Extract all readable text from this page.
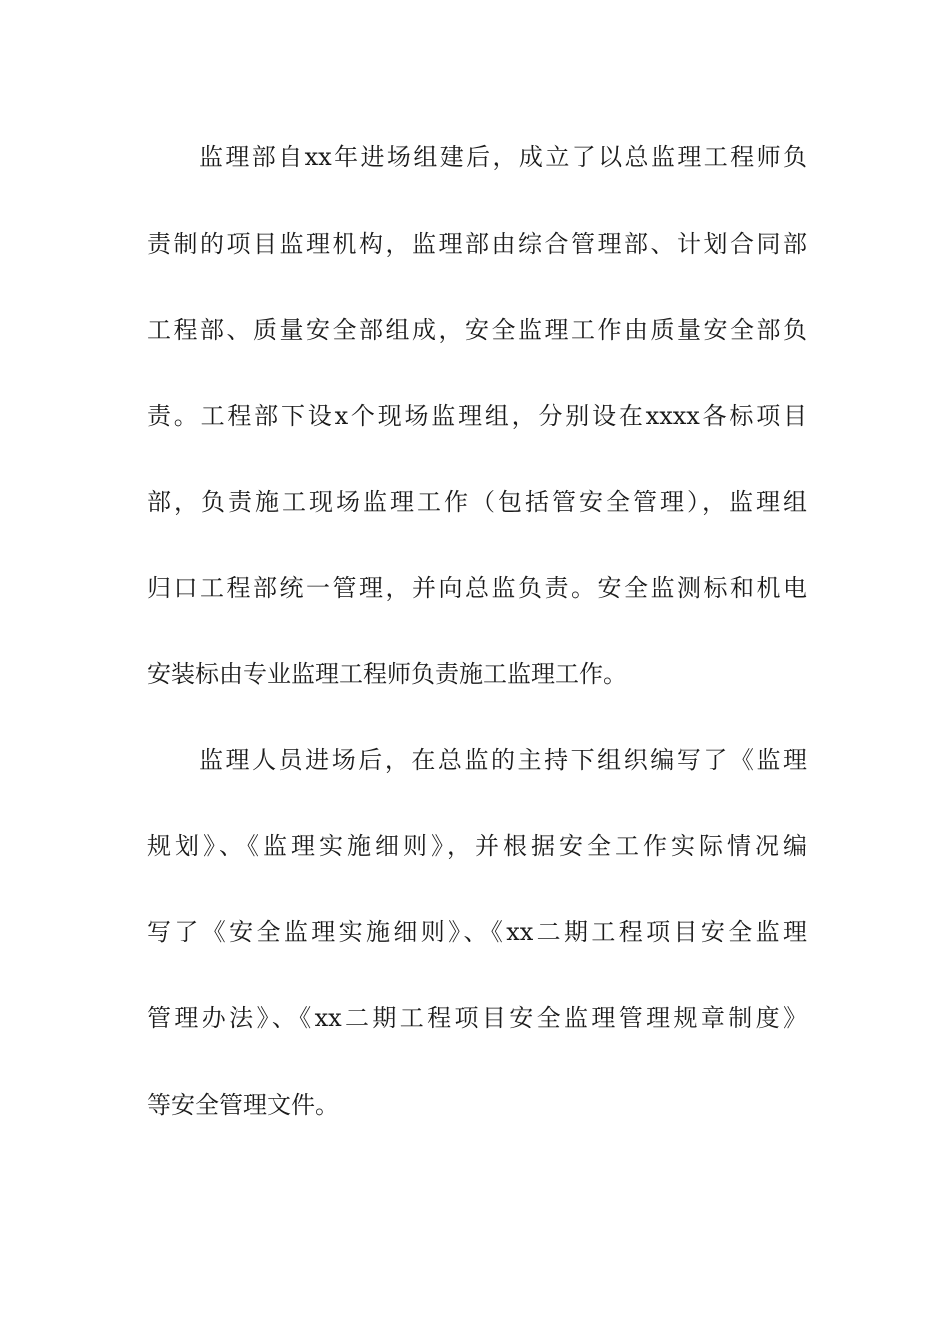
监理部自xx年进场组建后，成立了以总监理工程师负
责制的项目监理机构，监理部由综合管理部、计划合同部
工程部、质量安全部组成，安全监理工作由质量安全部负
责。工程部下设x个现场监理组，分别设在xxxx各标项目
部，负责施工现场监理工作（包括管安全管理），监理组
归口工程部统一管理，并向总监负责。安全监测标和机电
安装标由专业监理工程师负责施工监理工作。
监理人员进场后，在总监的主持下组织编写了《监理
规划》、《监理实施细则》，并根据安全工作实际情况编
写了《安全监理实施细则》、《xx二期工程项目安全监理
管理办法》、《xx二期工程项目安全监理管理规章制度》
等安全管理文件。
